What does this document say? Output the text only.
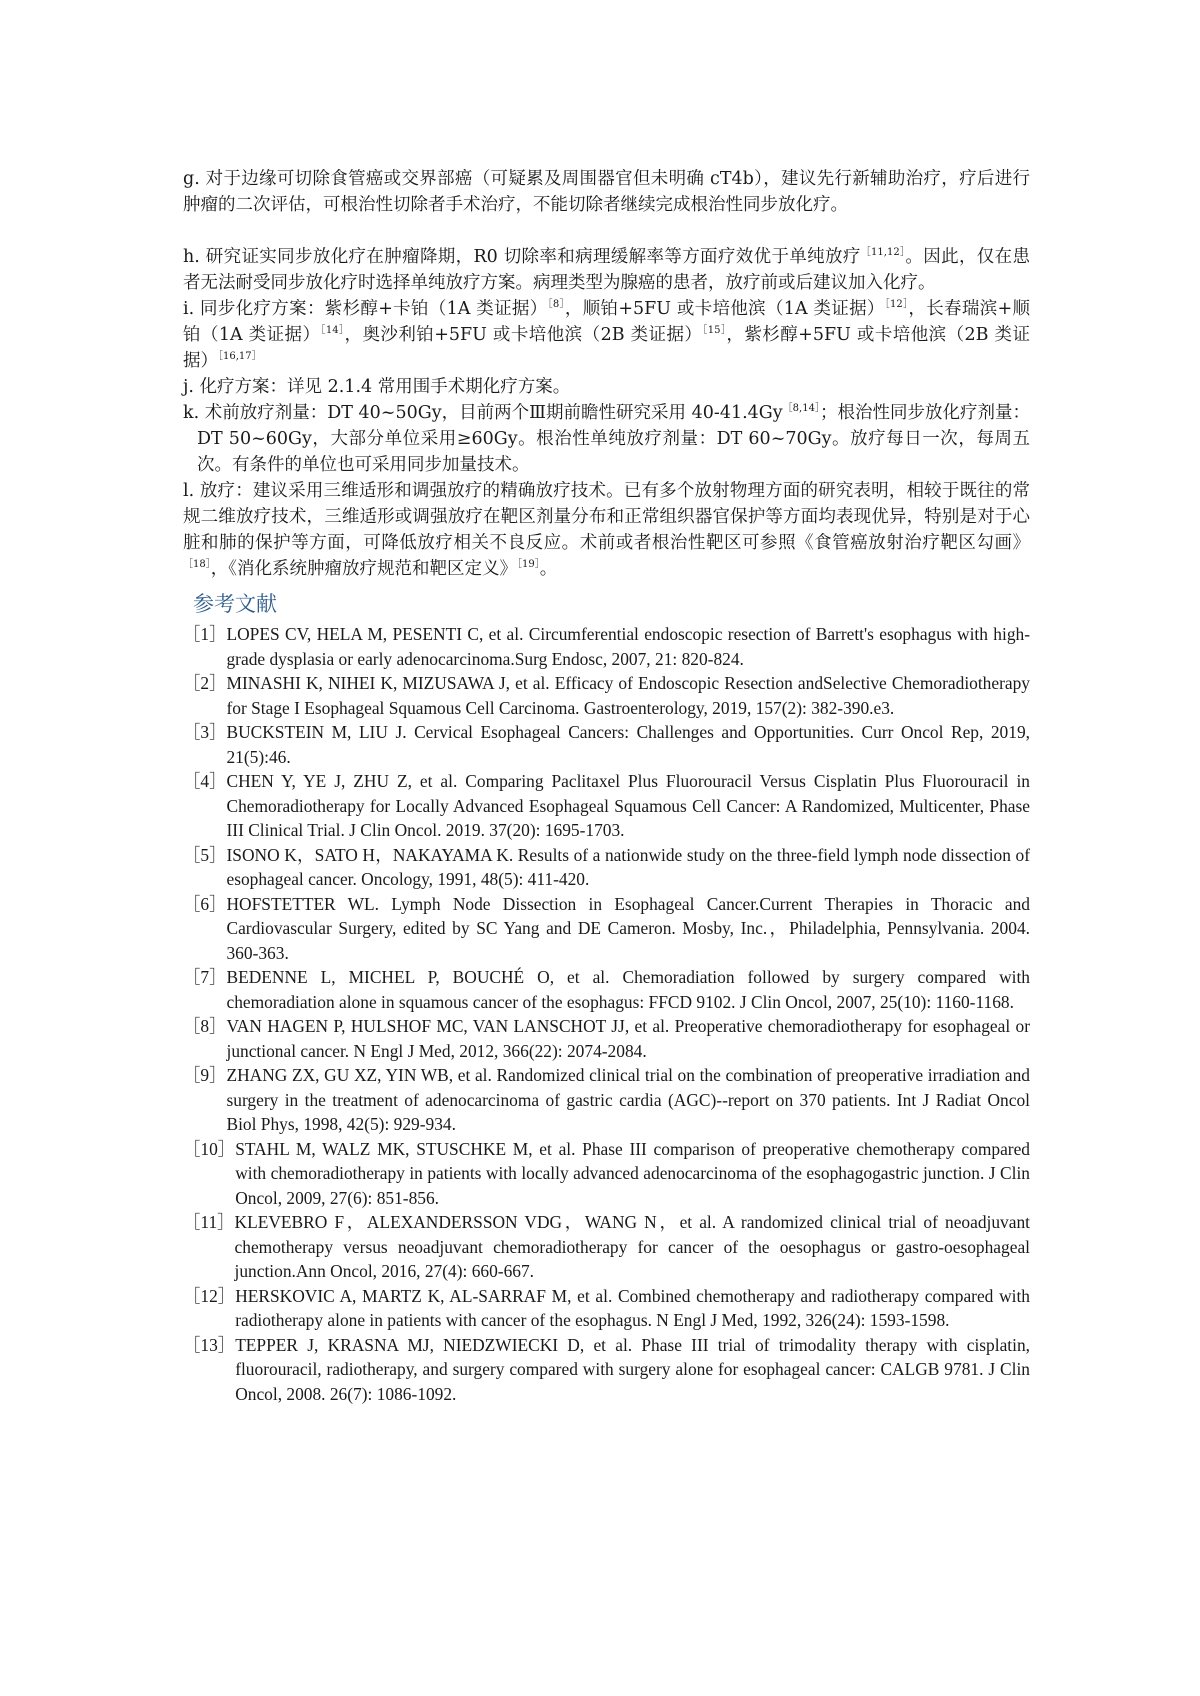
g. 对于边缘可切除食管癌或交界部癌（可疑累及周围器官但未明确 cT4b），建议先行新辅助治疗，疗后进行肿瘤的二次评估，可根治性切除者手术治疗，不能切除者继续完成根治性同步放化疗。

h. 研究证实同步放化疗在肿瘤降期，R0 切除率和病理缓解率等方面疗效优于单纯放疗$^{[11,12]}$。因此，仅在患者无法耐受同步放化疗时选择单纯放疗方案。病理类型为腺癌的患者，放疗前或后建议加入化疗。

i. 同步化疗方案：紫杉醇+卡铂（1A 类证据）$^{[8]}$，顺铂+5FU 或卡培他滨（1A 类证据）$^{[12]}$，长春瑞滨+顺铂（1A 类证据）$^{[14]}$，奥沙利铂+5FU 或卡培他滨（2B 类证据）$^{[15]}$，紫杉醇+5FU 或卡培他滨（2B 类证据）$^{[16,17]}$

j. 化疗方案：详见 2.1.4 常用围手术期化疗方案。

k. 术前放疗剂量：DT 40~50Gy，目前两个Ⅲ期前瞻性研究采用 $40-41.4Gy^{[8,14]}$；根治性同步放化疗剂量：DT 50~60Gy，大部分单位采用≥60Gy。根治性单纯放疗剂量：DT 60~70Gy。放疗每日一次，每周五次。有条件的单位也可采用同步加量技术。

l. 放疗：建议采用三维适形和调强放疗的精确放疗技术。已有多个放射物理方面的研究表明，相较于既往的常规二维放疗技术，三维适形或调强放疗在靶区剂量分布和正常组织器官保护等方面均表现优异，特别是对于心脏和肺的保护等方面，可降低放疗相关不良反应。术前或者根治性靶区可参照《食管癌放射治疗靶区勾画》$^{[18]}$，《消化系统肿瘤放疗规范和靶区定义》$^{[19]}$。

参考文献
［1］ LOPES CV, HELA M, PESENTI C, et al. Circumferential endoscopic resection of Barrett's esophagus with high-grade dysplasia or early adenocarcinoma.Surg Endosc, 2007, 21: 820-824.
［2］ MINASHI K, NIHEI K, MIZUSAWA J, et al. Efficacy of Endoscopic Resection andSelective Chemoradiotherapy for Stage I Esophageal Squamous Cell Carcinoma. Gastroenterology, 2019, 157(2): 382-390.e3.
［3］ BUCKSTEIN M, LIU J. Cervical Esophageal Cancers: Challenges and Opportunities. Curr Oncol Rep, 2019, 21(5):46.
［4］ CHEN Y, YE J, ZHU Z, et al. Comparing Paclitaxel Plus Fluorouracil Versus Cisplatin Plus Fluorouracil in Chemoradiotherapy for Locally Advanced Esophageal Squamous Cell Cancer: A Randomized, Multicenter, Phase III Clinical Trial. J Clin Oncol. 2019. 37(20): 1695-1703.
［5］ ISONO K，SATO H，NAKAYAMA K. Results of a nationwide study on the three-field lymph node dissection of esophageal cancer. Oncology, 1991, 48(5): 411-420.
［6］ HOFSTETTER WL. Lymph Node Dissection in Esophageal Cancer.Current Therapies in Thoracic and Cardiovascular Surgery, edited by SC Yang and DE Cameron. Mosby, Inc.，Philadelphia, Pennsylvania. 2004. 360-363.
［7］ BEDENNE L, MICHEL P, BOUCHÉ O, et al. Chemoradiation followed by surgery compared with chemoradiation alone in squamous cancer of the esophagus: FFCD 9102. J Clin Oncol, 2007, 25(10): 1160-1168.
［8］ VAN HAGEN P, HULSHOF MC, VAN LANSCHOT JJ, et al. Preoperative chemoradiotherapy for esophageal or junctional cancer. N Engl J Med, 2012, 366(22): 2074-2084.
［9］ ZHANG ZX, GU XZ, YIN WB, et al. Randomized clinical trial on the combination of preoperative irradiation and surgery in the treatment of adenocarcinoma of gastric cardia (AGC)--report on 370 patients. Int J Radiat Oncol Biol Phys, 1998, 42(5): 929-934.
［10］ STAHL M, WALZ MK, STUSCHKE M, et al. Phase III comparison of preoperative chemotherapy compared with chemoradiotherapy in patients with locally advanced adenocarcinoma of the esophagogastric junction. J Clin Oncol, 2009, 27(6): 851-856.
［11］ KLEVEBRO F，ALEXANDERSSON VDG，WANG N，et al. A randomized clinical trial of neoadjuvant chemotherapy versus neoadjuvant chemoradiotherapy for cancer of the oesophagus or gastro-oesophageal junction.Ann Oncol, 2016, 27(4): 660-667.
［12］ HERSKOVIC A, MARTZ K, AL-SARRAF M, et al. Combined chemotherapy and radiotherapy compared with radiotherapy alone in patients with cancer of the esophagus. N Engl J Med, 1992, 326(24): 1593-1598.
［13］ TEPPER J, KRASNA MJ, NIEDZWIECKI D, et al. Phase III trial of trimodality therapy with cisplatin, fluorouracil, radiotherapy, and surgery compared with surgery alone for esophageal cancer: CALGB 9781. J Clin Oncol, 2008. 26(7): 1086-1092.
